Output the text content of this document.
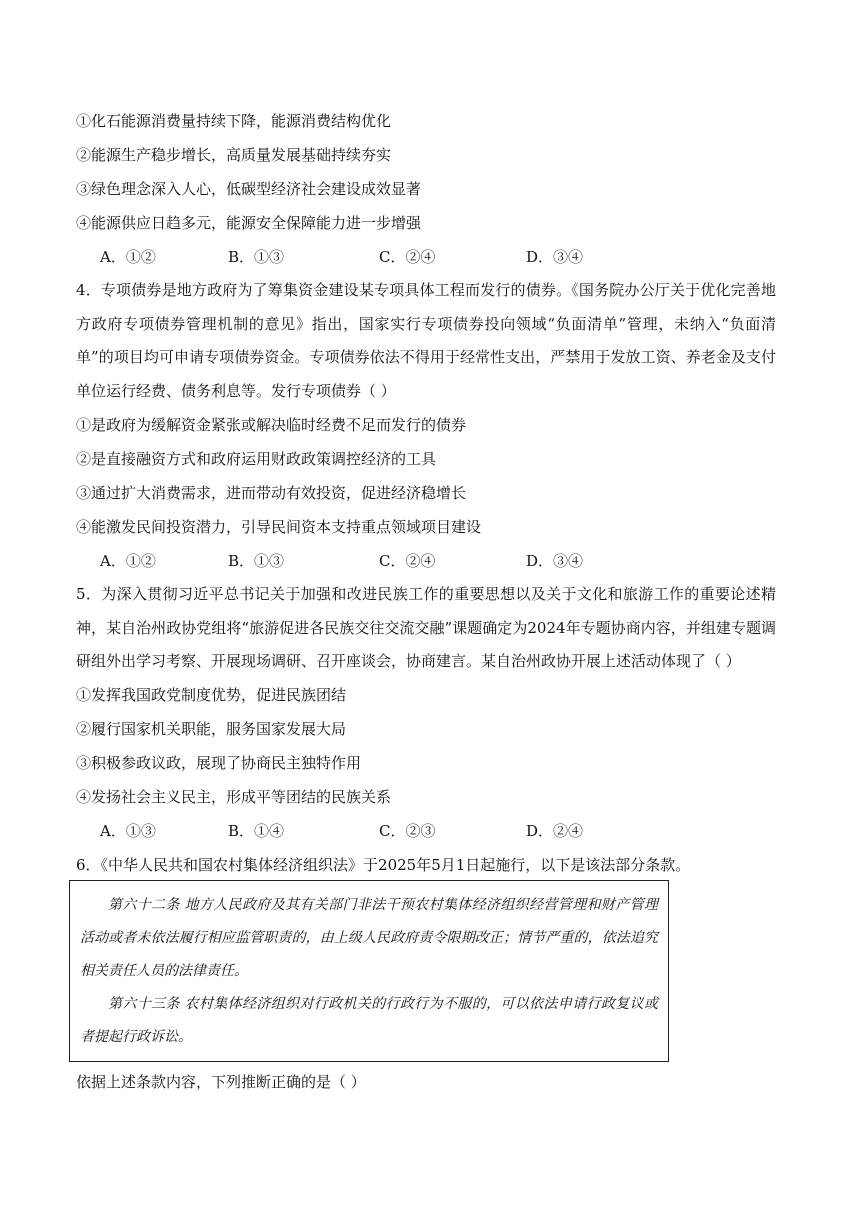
①化石能源消费量持续下降，能源消费结构优化
②能源生产稳步增长，高质量发展基础持续夯实
③绿色理念深入人心，低碳型经济社会建设成效显著
④能源供应日趋多元，能源安全保障能力进一步增强
A．①②	B．①③	C．②④	D．③④
4．专项债券是地方政府为了筹集资金建设某专项具体工程而发行的债券。《国务院办公厅关于优化完善地方政府专项债券管理机制的意见》指出，国家实行专项债券投向领域“负面清单”管理，未纳入“负面清单”的项目均可申请专项债券资金。专项债券依法不得用于经常性支出，严禁用于发放工资、养老金及支付单位运行经费、债务利息等。发行专项债券（ ）
①是政府为缓解资金紧张或解决临时经费不足而发行的债券
②是直接融资方式和政府运用财政政策调控经济的工具
③通过扩大消费需求，进而带动有效投资，促进经济稳增长
④能激发民间投资潜力，引导民间资本支持重点领域项目建设
A．①②	B．①③	C．②④	D．③④
5．为深入贯彻习近平总书记关于加强和改进民族工作的重要思想以及关于文化和旅游工作的重要论述精神，某自治州政协党组将“旅游促进各民族交往交流交融”课题确定为2024年专题协商内容，并组建专题调研组外出学习考察、开展现场调研、召开座谈会，协商建言。某自治州政协开展上述活动体现了（ ）
①发挥我国政党制度优势，促进民族团结
②履行国家机关职能，服务国家发展大局
③积极参政议政，展现了协商民主独特作用
④发扬社会主义民主，形成平等团结的民族关系
A．①③	B．①④	C．②③	D．②④
6．《中华人民共和国农村集体经济组织法》于2025年5月1日起施行，以下是该法部分条款。

第六十二条 地方人民政府及其有关部门非法干预农村集体经济组织经营管理和财产管理活动或者未依法履行相应监管职责的，由上级人民政府责令限期改正；情节严重的，依法追究相关责任人员的法律责任。

第六十三条 农村集体经济组织对行政机关的行政行为不服的，可以依法申请行政复议或者提起行政诉讼。

依据上述条款内容，下列推断正确的是（ ）
